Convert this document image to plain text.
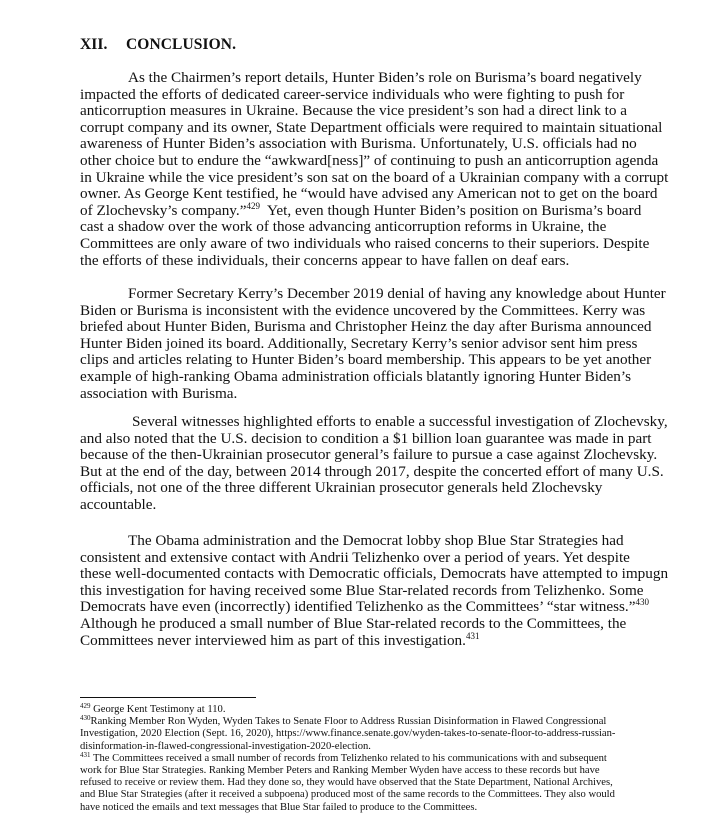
XII. CONCLUSION.
As the Chairmen’s report details, Hunter Biden’s role on Burisma’s board negatively
impacted the efforts of dedicated career-service individuals who were fighting to push for
anticorruption measures in Ukraine. Because the vice president’s son had a direct link to a
corrupt company and its owner, State Department officials were required to maintain situational
awareness of Hunter Biden’s association with Burisma. Unfortunately, U.S. officials had no
other choice but to endure the “awkward[ness]” of continuing to push an anticorruption agenda
in Ukraine while the vice president’s son sat on the board of a Ukrainian company with a corrupt
owner. As George Kent testified, he “would have advised any American not to get on the board
of Zlochevsky’s company.”$^{429}$  Yet, even though Hunter Biden’s position on Burisma’s board
cast a shadow over the work of those advancing anticorruption reforms in Ukraine, the
Committees are only aware of two individuals who raised concerns to their superiors. Despite
the efforts of these individuals, their concerns appear to have fallen on deaf ears.
Former Secretary Kerry’s December 2019 denial of having any knowledge about Hunter
Biden or Burisma is inconsistent with the evidence uncovered by the Committees. Kerry was
briefed about Hunter Biden, Burisma and Christopher Heinz the day after Burisma announced
Hunter Biden joined its board. Additionally, Secretary Kerry’s senior advisor sent him press
clips and articles relating to Hunter Biden’s board membership. This appears to be yet another
example of high-ranking Obama administration officials blatantly ignoring Hunter Biden’s
association with Burisma.
Several witnesses highlighted efforts to enable a successful investigation of Zlochevsky,
and also noted that the U.S. decision to condition a $1 billion loan guarantee was made in part
because of the then-Ukrainian prosecutor general’s failure to pursue a case against Zlochevsky.
But at the end of the day, between 2014 through 2017, despite the concerted effort of many U.S.
officials, not one of the three different Ukrainian prosecutor generals held Zlochevsky
accountable.
The Obama administration and the Democrat lobby shop Blue Star Strategies had
consistent and extensive contact with Andrii Telizhenko over a period of years. Yet despite
these well-documented contacts with Democratic officials, Democrats have attempted to impugn
this investigation for having received some Blue Star-related records from Telizhenko. Some
Democrats have even (incorrectly) identified Telizhenko as the Committees’ “star witness.”$^{430}$
Although he produced a small number of Blue Star-related records to the Committees, the
Committees never interviewed him as part of this investigation.$^{431}$
$^{429}$ George Kent Testimony at 110.
$^{430}$Ranking Member Ron Wyden, Wyden Takes to Senate Floor to Address Russian Disinformation in Flawed Congressional
Investigation, 2020 Election (Sept. 16, 2020), https://www.finance.senate.gov/wyden-takes-to-senate-floor-to-address-russian-
disinformation-in-flawed-congressional-investigation-2020-election.
$^{431}$ The Committees received a small number of records from Telizhenko related to his communications with and subsequent
work for Blue Star Strategies. Ranking Member Peters and Ranking Member Wyden have access to these records but have
refused to receive or review them. Had they done so, they would have observed that the State Department, National Archives,
and Blue Star Strategies (after it received a subpoena) produced most of the same records to the Committees. They also would
have noticed the emails and text messages that Blue Star failed to produce to the Committees.
